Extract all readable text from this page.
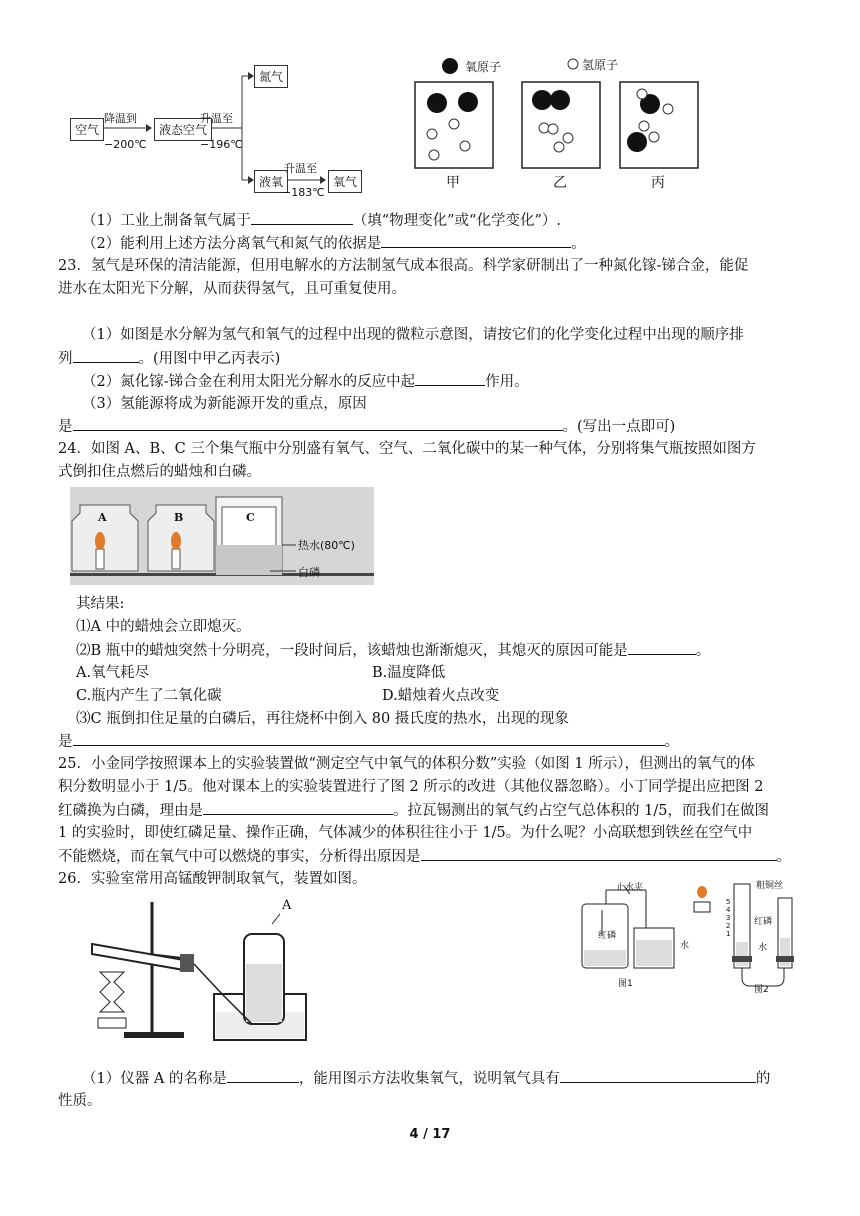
空气
降温到
−200℃
液态空气
升温至
−196℃
氮气
液氧
升温至
−183℃
氧气
氧原子	氢原子
甲	乙	丙
（1）工业上制备氧气属于	（填“物理变化”或“化学变化”）.
（2）能利用上述方法分离氧气和氮气的依据是	。
23．氢气是环保的清洁能源，但用电解水的方法制氢气成本很高。科学家研制出了一种氮化镓-锑合金，能促
进水在太阳光下分解，从而获得氢气，且可重复使用。
（1）如图是水分解为氢气和氧气的过程中出现的微粒示意图，请按它们的化学变化过程中出现的顺序排
列	。(用图中甲乙丙表示)
（2）氮化镓-锑合金在利用太阳光分解水的反应中起	作用。
（3）氢能源将成为新能源开发的重点，原因
是	。(写出一点即可)
24．如图 A、B、C 三个集气瓶中分别盛有氧气、空气、二氧化碳中的某一种气体，分别将集气瓶按照如图方
式倒扣住点燃后的蜡烛和白磷。
A	B	C
热水(80℃)
白磷
其结果:
⑴A 中的蜡烛会立即熄灭。
⑵B 瓶中的蜡烛突然十分明亮，一段时间后，该蜡烛也渐渐熄灭，其熄灭的原因可能是	。
A.氧气耗尽	B.温度降低
C.瓶内产生了二氧化碳	D.蜡烛着火点改变
⑶C 瓶倒扣住足量的白磷后，再往烧杯中倒入 80 摄氏度的热水，出现的现象
是	。
25．小金同学按照课本上的实验装置做“测定空气中氧气的体积分数”实验（如图 1 所示），但测出的氧气的体
积分数明显小于 1/5。他对课本上的实验装置进行了图 2 所示的改进（其他仪器忽略）。小丁同学提出应把图 2
红磷换为白磷，理由是	。拉瓦锡测出的氧气约占空气总体积的 1/5，而我们在做图
1 的实验时，即使红磷足量、操作正确，气体减少的体积往往小于 1/5。为什么呢？小高联想到铁丝在空气中
不能燃烧，而在氧气中可以燃烧的事实，分析得出原因是	。
26．实验室常用高锰酸钾制取氧气，装置如图。
A
止水夹
红磷
水
图1
粗铜丝
5
4
3
2
1
红磷
水
图2
（1）仪器 A 的名称是	，能用图示方法收集氧气，说明氧气具有	的
性质。
4 / 17
